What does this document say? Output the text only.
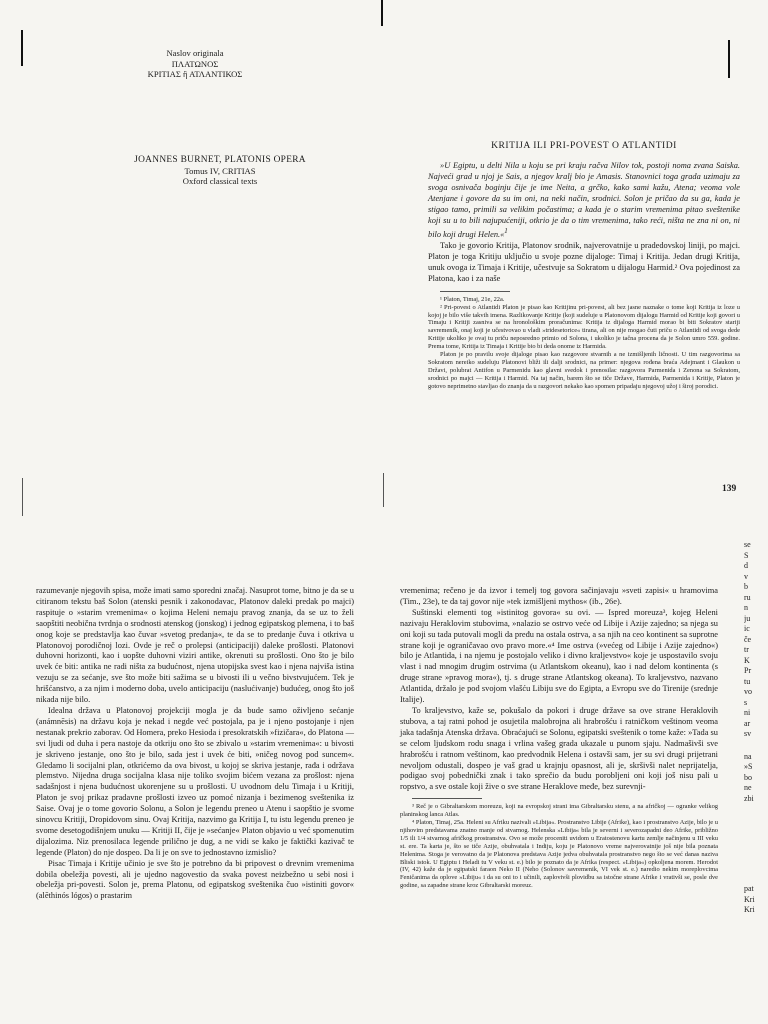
Naslov originala
ΠΛΑΤΩΝΟΣ
ΚΡΙΤΙΑΣ ἢ ΑΤΛΑΝΤΙΚΟΣ
JOANNES BURNET, PLATONIS OPERA
Tomus IV, CRITIAS
Oxford classical texts
KRITIJA ILI PRI-POVEST O ATLANTIDI

»U Egiptu, u delti Nila u koju se pri kraju račva Nilov tok, postoji noma zvana Saiska. Najveći grad u njoj je Sais, a njegov kralj bio je Amasis. Stanovnici toga grada uzimaju za svoga osnivača boginju čije je ime Neita, a grčko, kako sami kažu, Atena; veoma vole Atenjane i govore da su im oni, na neki način, srodnici. Solon je pričao da su ga, kada je stigao tamo, primili sa velikim počastima; a kada je o starim vremenima pitao sveštenike koji su u to bili najupućeniji, otkrio je da o tim vremenima, tako reći, ništa ne zna ni on, ni bilo koji drugi Helen.«$^1$

Tako je govorio Kritija, Platonov srodnik, najverovatnije u pradedovskoj liniji, po majci. Platon je toga Kritiju uključio u svoje pozne dijaloge: Timaj i Kritija. Jedan drugi Kritija, unuk ovoga iz Timaja i Kritije, učestvuje sa Sokratom u dijalogu Harmid.² Ova pojedinost za Platona, kao i za naše

¹ Platon, Timaj, 21e, 22a.

² Pri-povest o Atlantidi Platon je pisao kao Kritijinu pri-povest, ali bez jasne naznake o tome koji Kritija iz loze u kojoj je bilo više takvih imena. Razlikovanje Kritije (koji sudeluje u Platonovom dijalogu Harmid od Kritije koji govori u Timaju i Kritiji zasniva se na hronološkim proračunima: Kritija iz dijaloga Harmid morao bi biti Sokratov stariji savremenik, onaj koji je učestvovao u vladi »tridesetorice« tirana, ali on nije mogao čuti priču o Atlantidi od svoga dede Kritije ukoliko je ovaj tu priču neposredno primio od Solona, i ukoliko je tačna procena da je Solon umro 559. godine. Prema tome, Kritija iz Timaja i Kritije bio bi deda onome iz Harmida.

Platon je po pravilu svoje dijaloge pisao kao razgovore stvarnih a ne izmišljenih ličnosti. U tim razgovorima sa Sokratom nereiko sudeluju Platonovi bliži ili dalji srodnici, na primer: njegova rođena braća Adejmant i Glaukon u Državi, polubrat Antifon u Parmenidu kao glavni svedok i prenosilac razgovora Parmenida i Zenona sa Sokratom, srodnici po majci — Kritija i Harmid. Na taj način, barem što se tiče Države, Harmida, Parmenida i Kritije, Platon je gotovo neprimetno stavljao do znanja da u razgovori nekako kao spomen pripadaju njegovoj užoj i široj porodici.

139

razumevanje njegovih spisa, može imati samo sporedni značaj. Nasuprot tome, bitno je da se u citiranom tekstu baš Solon (atenski pesnik i zakonodavac, Platonov daleki predak po majci) raspituje o »starim vremenima« o kojima Heleni nemaju pravog znanja, da se uz to želi saopštiti neobična tvrdnja o srodnosti atenskog (jonskog) i jednog egipatskog plemena, i to baš onog koje se predstavlja kao čuvar »svetog predanja«, te da se to predanje čuva i otkriva u Platonovoj porodičnoj lozi. Ovde je reč o prolepsi (anticipaciji) daleke prošlosti. Platonovi duhovni horizonti, kao i uopšte duhovni viziri antike, okrenuti su prošlosti. Ono što je bilo uvek će biti: antika ne radi ništa za budućnost, njena utopijska svest kao i njena najviša istina vezuju se za sećanje, sve što može biti sažima se u bivosti ili u večno bivstvujućem. Tek je hrišćanstvo, a za njim i moderno doba, uvelo anticipaciju (naslućivanje) budućeg, onog što još nikada nije bilo.

Idealna država u Platonovoj projekciji mogla je da bude samo oživljeno sećanje (anámnēsis) na državu koja je nekad i negde već postojala, pa je i njeno postojanje i njen nestanak prekrio zaborav. Od Homera, preko Hesioda i presokratskih »fizičara«, do Platona — svi ljudi od duha i pera nastoje da otkriju ono što se zbivalo u »starim vremenima«: u bivosti je skriveno jestanje, ono što je bilo, sada jest i uvek će biti, »ničeg novog pod suncem«. Gledamo li socijalni plan, otkrićemo da ova bivost, u kojoj se skriva jestanje, rađa i održava plemstvo. Nijedna druga socijalna klasa nije toliko svojim bićem vezana za prošlost: njena sadašnjost i njena budućnost ukorenjene su u prošlosti. U uvodnom delu Timaja i u Kritiji, Platon je svoj prikaz pradavne prošlosti izveo uz pomoć nizanja i bezimenog sveštenika iz Saise. Ovaj je o tome govorio Solonu, a Solon je legendu preneo u Atenu i saopštio je svome sinovcu Kritiji, Dropidovom sinu. Ovaj Kritija, nazvimo ga Kritija I, tu istu legendu preneo je svome desetogodišnjem unuku — Kritiji II, čije je »sećanje« Platon objavio u već spomenutim dijalozima. Niz prenosilaca legende prilično je dug, a ne vidi se kako je faktički kazivač te legende (Platon) do nje dospeo. Da li je on sve to jednostavno izmislio?

Pisac Timaja i Kritije učinio je sve što je potrebno da bi pripovest o drevnim vremenima dobila obeležja povesti, ali je ujedno nagovestio da svaka povest neizbežno u sebi nosi i obeležja pri-povesti. Solon je, prema Platonu, od egipatskog sveštenika čuo »istiniti govor« (alēthinós lógos) o prastarim

vremenima; rečeno je da izvor i temelj tog govora sačinjavaju »sveti zapisi« u hramovima (Tim., 23e), te da taj govor nije »tek izmišljeni mythos« (ib., 26e).

Suštinski elementi tog »istinitog govora« su ovi. — Ispred moreuza³, kojeg Heleni nazivaju Heraklovim stubovima, »nalazio se ostrvo veće od Libije i Azije zajedno; sa njega su oni koji su tada putovali mogli da pređu na ostala ostrva, a sa njih na ceo kontinent sa suprotne strane koji je ograničavao ovo pravo more.«⁴ Ime ostrva (»većeg od Libije i Azije zajedno«) bilo je Atlantida, i na njemu je postojalo veliko i divno kraljevstvo« koje je uspostavilo svoju vlast i nad mnogim drugim ostrvima (u Atlantskom okeanu), kao i nad delom kontinenta (s druge strane »pravog mora«), tj. s druge strane Atlantskog okeana). To kraljevstvo, nazvano Atlantida, držalo je pod svojom vlašću Libiju sve do Egipta, a Evropu sve do Tirenije (srednje Italije).

To kraljevstvo, kaže se, pokušalo da pokori i druge države sa ove strane Heraklovih stubova, a taj ratni pohod je osujetila malobrojna ali hrabrošću i ratničkom veštinom veoma jaka tadašnja Atenska država. Obraćajući se Solonu, egipatski sveštenik o tome kaže: »Tada su se celom ljudskom rodu snaga i vrlina vašeg grada ukazale u punom sjaju. Nadmašivši sve hrabrošću i ratnom veštinom, kao predvodnik Helena i ostavši sam, jer su svi drugi prijetrani nevoljom odustali, dospeo je vaš grad u krajnju opasnost, ali je, skršivši nalet neprijatelja, podigao svoj pobednički znak i tako sprečio da budu porobljeni oni koji još nisu pali u ropstvo, a sve ostale koji žive o sve strane Heraklove međe, bez surevnji-

³ Reč je o Gibraltarskom moreuzu, koji na evropskoj strani ima Gibraltarsku stenu, a na afričkoj — ogranke velikog planinskog lanca Atlas.

⁴ Platon, Timaj, 25a. Heleni su Afriku nazivali »Libija«. Prostranstvo Libije (Afrike), kao i prostranstvo Azije, bilo je u njihovim predstavama znatno manje od stvarnog. Helenska »Libija« bila je severni i severozapadni deo Afrike, približno 1/5 ili 1/4 stvarnog afričkog prostranstva. Ovo se može proceniti uvidom u Eratostenovu kartu zemlje načinjenu u III veku st. ere. Ta karta je, što se tiče Azije, obuhvatala i Indiju, koju je Platonovo vreme najverovatnije još nije bila poznata Helenima. Stoga je verovatno da je Platonova predstava Azije jedva obuhvatala prostranstvo nego što se već danas naziva Bliski istok. U Egiptu i Heladi tu V veku st. e.) bilo je poznato da je Afrika (respect. »Libija«) opkoljena morem. Herodot (IV, 42) kaže da je egipatski faraon Neko II (Neho (Solonov savremenik, VI vek st. e.) naredio nekim moreplovcima Feničanima da oplove »Libiju« i da su oni to i učinili, zaplovivši plovidbu sa istočne strane Afrike i vrativši se, posle dve godine, sa zapadne strane kroz Gibraltarski moreuz.

se
S
d
v
b
ru
n
ju
ic
če
tr
K
Pr
tu
vo
s
ni
ar
sv
na
»S
bo
ne
zbi
pat
Kri
Kri
